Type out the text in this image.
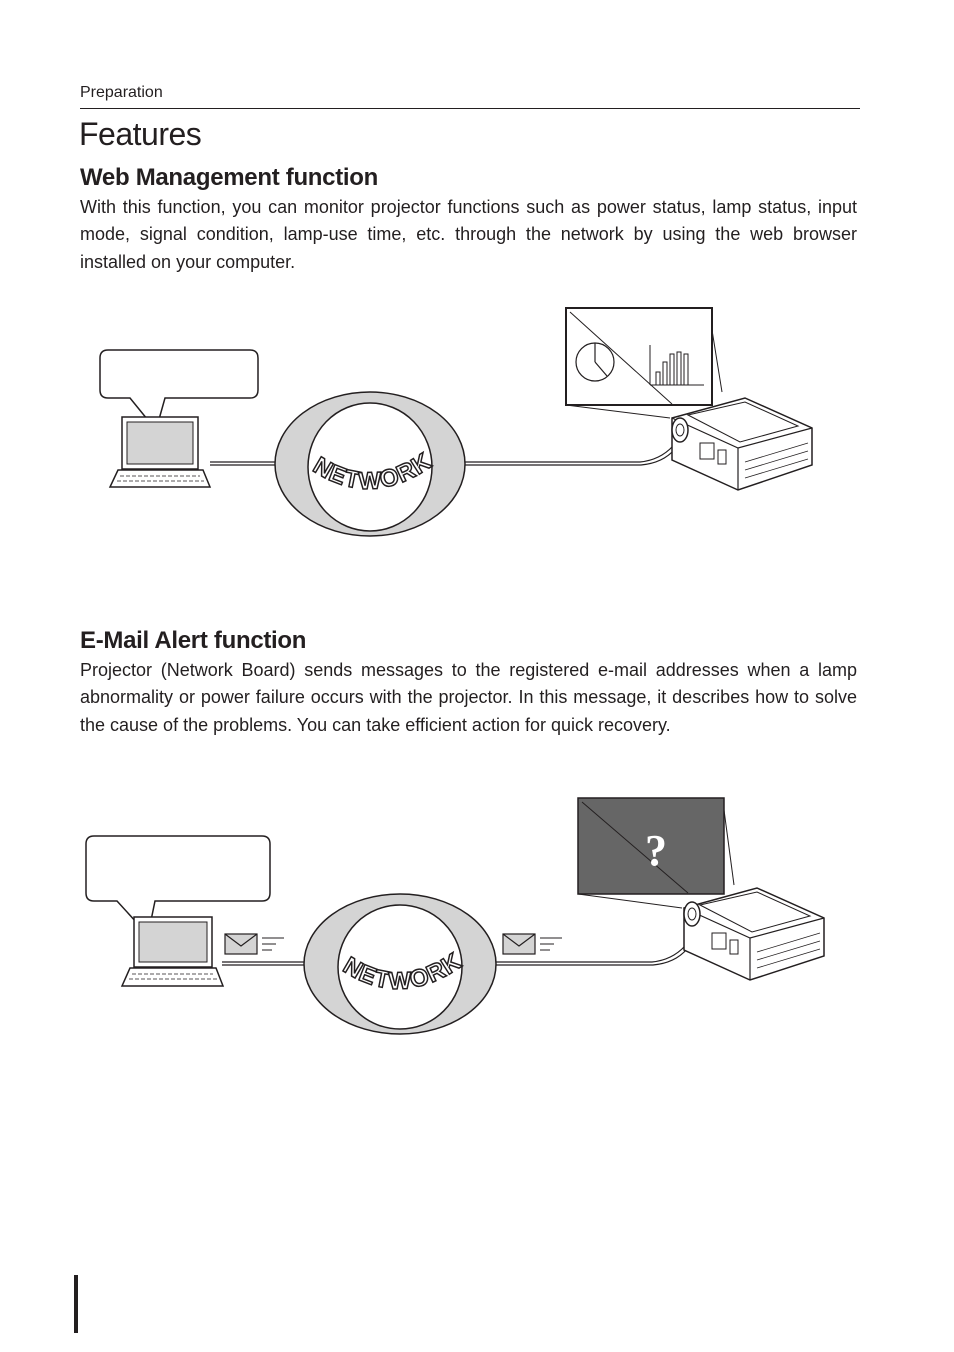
Preparation
Features
Web Management function

With this function, you can monitor projector functions such as power status, lamp status, input mode, signal condition, lamp-use time, etc. through the network by using the web browser installed on your computer.

NETWORK
E-Mail Alert function

Projector (Network Board) sends messages to the registered e-mail addresses when a lamp abnormality or power failure occurs with the projector. In this message, it describes how to solve the cause of the problems. You can take efficient action for quick recovery.

NETWORK
?
